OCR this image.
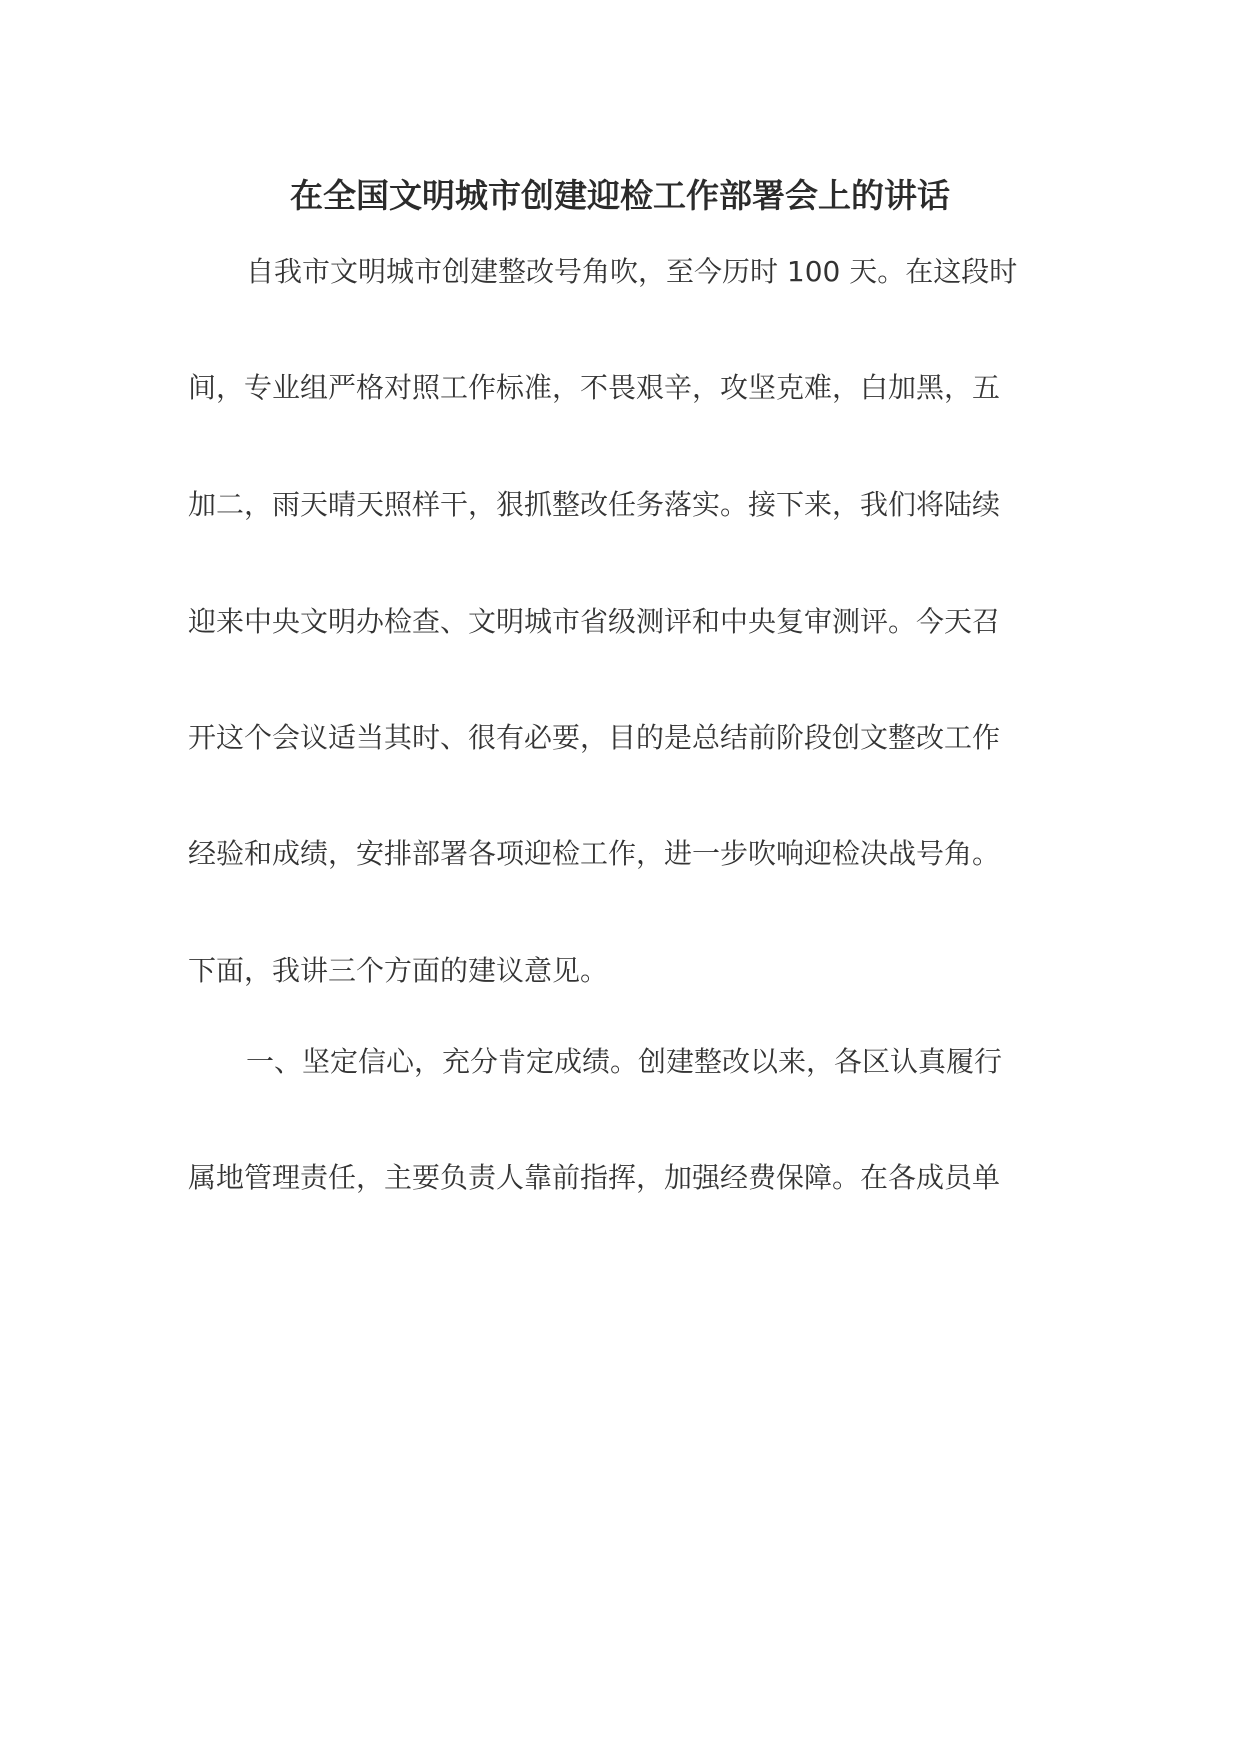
在全国文明城市创建迎检工作部署会上的讲话
自我市文明城市创建整改号角吹，至今历时 100 天。在这段时
间，专业组严格对照工作标准，不畏艰辛，攻坚克难，白加黑，五
加二，雨天晴天照样干，狠抓整改任务落实。接下来，我们将陆续
迎来中央文明办检查、文明城市省级测评和中央复审测评。今天召
开这个会议适当其时、很有必要，目的是总结前阶段创文整改工作
经验和成绩，安排部署各项迎检工作，进一步吹响迎检决战号角。
下面，我讲三个方面的建议意见。
一、坚定信心，充分肯定成绩。创建整改以来，各区认真履行
属地管理责任，主要负责人靠前指挥，加强经费保障。在各成员单
